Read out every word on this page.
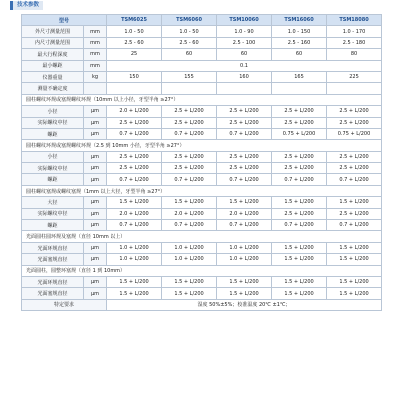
技术参数
型号		TSM6025	TSM6060	TSM10060	TSM16060	TSM18080
外尺寸测量范围	mm	1.0 - 50	1.0 - 50	1.0 - 90	1.0 - 150	1.0 - 170
内尺寸测量范围	mm	2.5 - 60	2.5 - 60	2.5 - 100	2.5 - 160	2.5 - 180
最大行程深度	mm	25	60	60	60	80
最小螺距	mm	0.1				
仪器重量	kg	150	155	160	165	225
测量不确定度						
圆柱螺纹环规或塞规螺纹环规（10mm 以上小径，牙型半角 ≥27°）						
小径	μm	2.0 + L/200	2.5 + L/200	2.5 + L/200	2.5 + L/200	2.5 + L/200
实际螺纹中径	μm	2.5 + L/200	2.5 + L/200	2.5 + L/200	2.5 + L/200	2.5 + L/200
螺距	μm	0.7 + L/200	0.7 + L/200	0.7 + L/200	0.75 + L/200	0.75 + L/200
圆柱螺纹环规或塞规螺纹环规（2.5 到 10mm 小径，牙型半角 ≥27°）						
小径	μm	2.5 + L/200	2.5 + L/200	2.5 + L/200	2.5 + L/200	2.5 + L/200
实际螺纹中径	μm	2.5 + L/200	2.5 + L/200	2.5 + L/200	2.5 + L/200	2.5 + L/200
螺距	μm	0.7 + L/200	0.7 + L/200	0.7 + L/200	0.7 + L/200	0.7 + L/200
圆柱螺纹塞规或螺纹塞规（1mm 以上大径，牙型半角 ≥27°）						
大径	μm	1.5 + L/200	1.5 + L/200	1.5 + L/200	1.5 + L/200	1.5 + L/200
实际螺纹中径	μm	2.0 + L/200	2.0 + L/200	2.0 + L/200	2.5 + L/200	2.5 + L/200
螺距	μm	0.7 + L/200	0.7 + L/200	0.7 + L/200	0.7 + L/200	0.7 + L/200
光面圆柱圆环规及塞规（直径 10mm 以上）						
光面环规直径	μm	1.0 + L/200	1.0 + L/200	1.0 + L/200	1.5 + L/200	1.5 + L/200
光面塞规直径	μm	1.0 + L/200	1.0 + L/200	1.0 + L/200	1.5 + L/200	1.5 + L/200
光面圆柱，圆整环塞规（直径 1 到 10mm）						
光面环规直径	μm	1.5 + L/200	1.5 + L/200	1.5 + L/200	1.5 + L/200	1.5 + L/200
光面塞规直径	μm	1.5 + L/200	1.5 + L/200	1.5 + L/200	1.5 + L/200	1.5 + L/200
特定要求		湿度 50%±5%；校准温度 20℃ ±1℃；				
